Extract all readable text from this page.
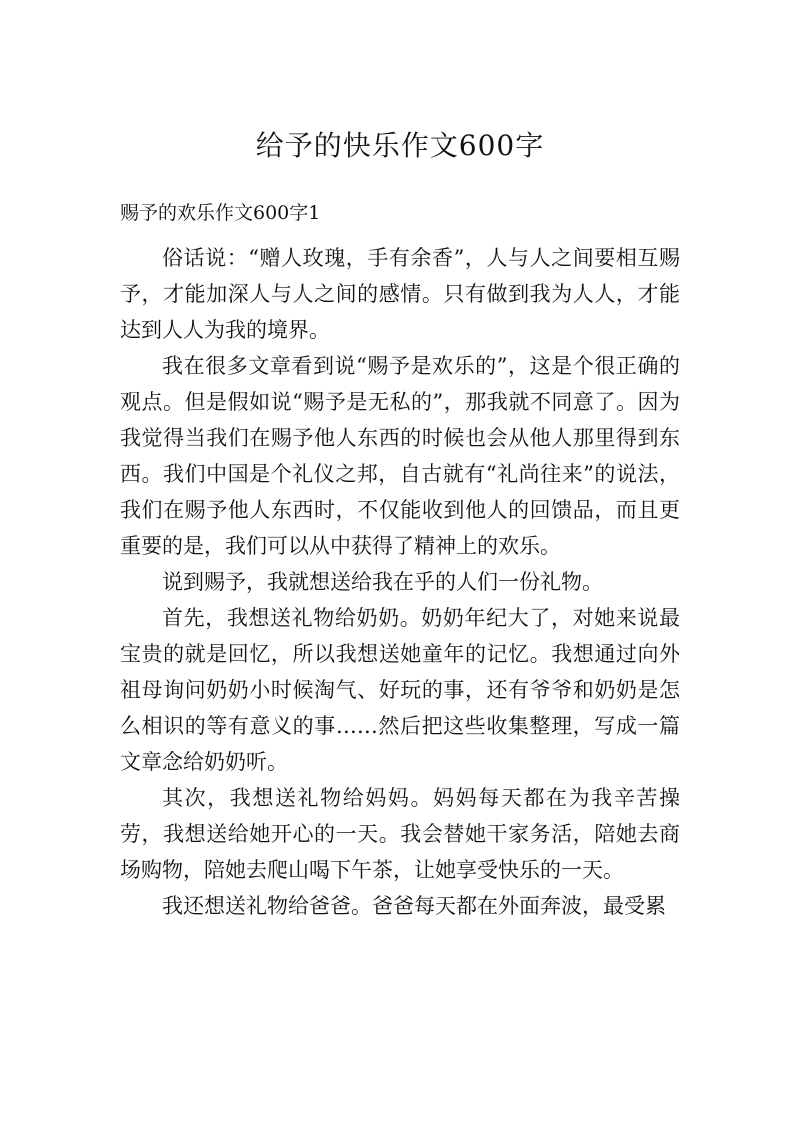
给予的快乐作文600字
赐予的欢乐作文600字1

俗话说：“赠人玫瑰，手有余香”，人与人之间要相互赐予，才能加深人与人之间的感情。只有做到我为人人，才能达到人人为我的境界。

我在很多文章看到说“赐予是欢乐的”，这是个很正确的观点。但是假如说“赐予是无私的”，那我就不同意了。因为我觉得当我们在赐予他人东西的时候也会从他人那里得到东西。我们中国是个礼仪之邦，自古就有“礼尚往来”的说法，我们在赐予他人东西时，不仅能收到他人的回馈品，而且更重要的是，我们可以从中获得了精神上的欢乐。

说到赐予，我就想送给我在乎的人们一份礼物。

首先，我想送礼物给奶奶。奶奶年纪大了，对她来说最宝贵的就是回忆，所以我想送她童年的记忆。我想通过向外祖母询问奶奶小时候淘气、好玩的事，还有爷爷和奶奶是怎么相识的等有意义的事……然后把这些收集整理，写成一篇文章念给奶奶听。

其次，我想送礼物给妈妈。妈妈每天都在为我辛苦操劳，我想送给她开心的一天。我会替她干家务活，陪她去商场购物，陪她去爬山喝下午茶，让她享受快乐的一天。

我还想送礼物给爸爸。爸爸每天都在外面奔波，最受累
